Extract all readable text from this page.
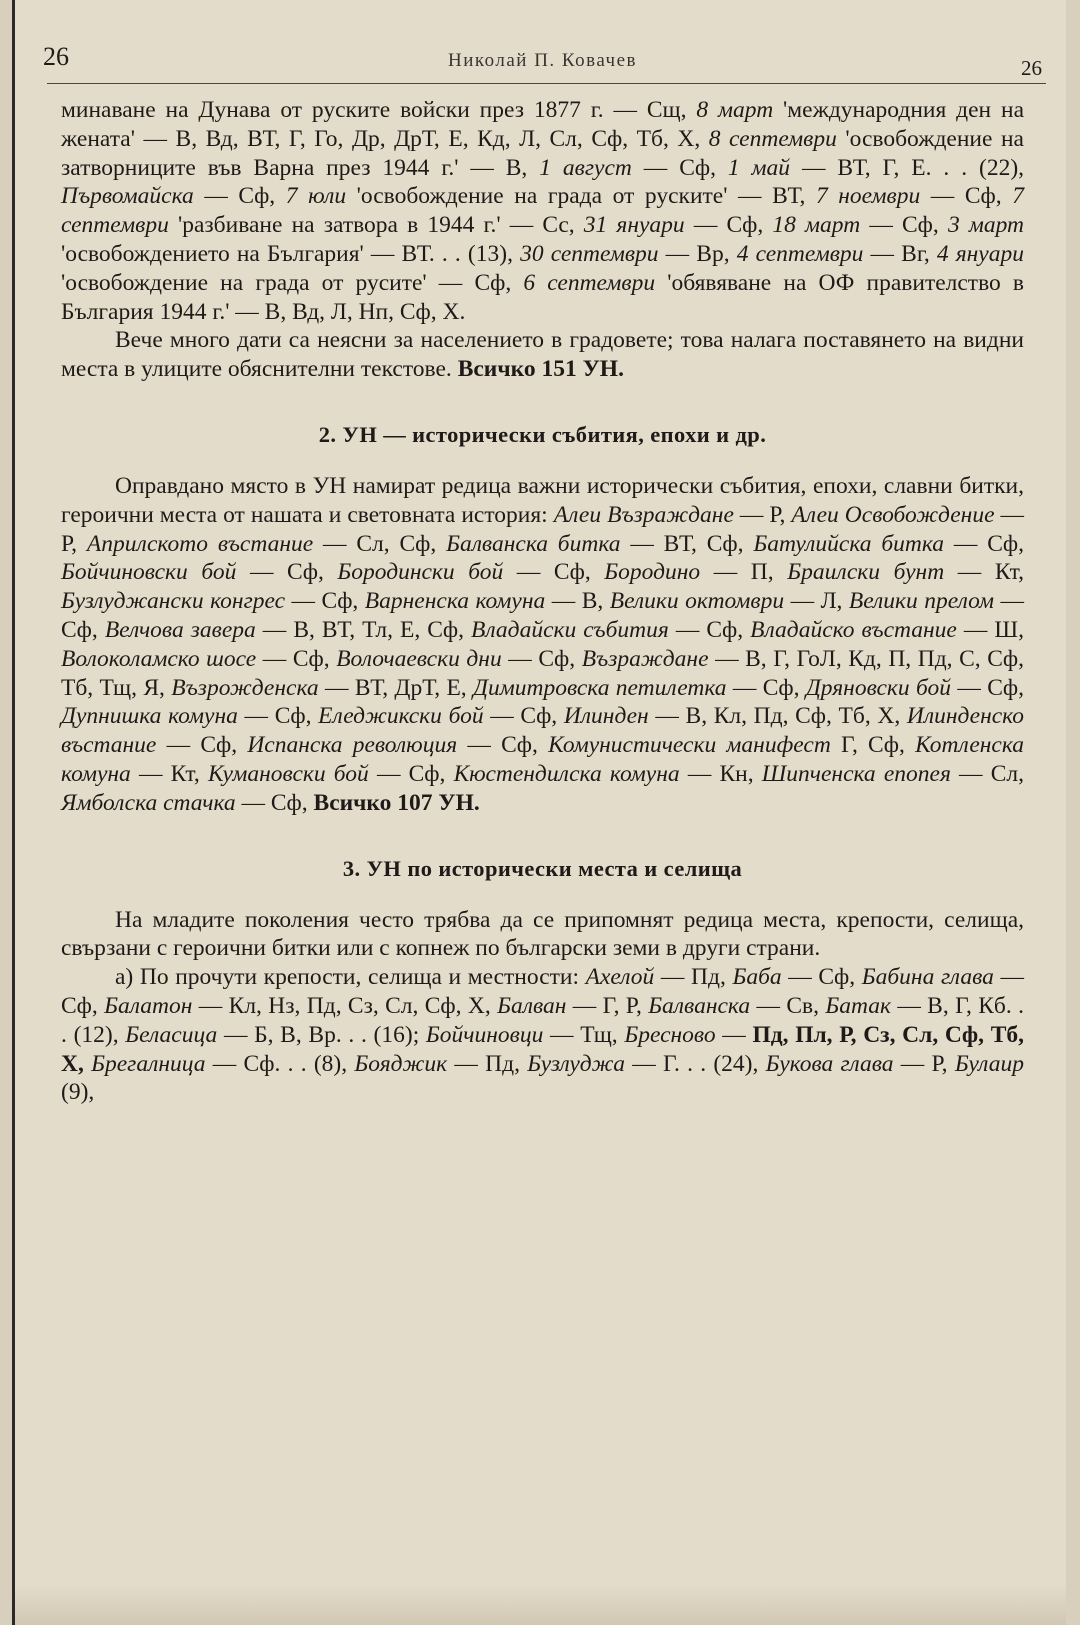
26	Николай П. Ковачев	26

минаване на Дунава от руските войски през 1877 г. — Сщ, 8 март 'международния ден на жената' — В, Вд, ВТ, Г, Го, Др, ДрТ, Е, Кд, Л, Сл, Сф, Тб, Х, 8 септември 'освобождение на затворниците във Варна през 1944 г.' — В, 1 август — Сф, 1 май — ВТ, Г, Е. . . (22), Първомайска — Сф, 7 юли 'освобождение на града от руските' — ВТ, 7 ноември — Сф, 7 септември 'разбиване на затвора в 1944 г.' — Сс, 31 януари — Сф, 18 март — Сф, 3 март 'освобождението на България' — ВТ. . . (13), 30 септември — Вр, 4 септември — Вг, 4 януари 'освобождение на града от русите' — Сф, 6 септември 'обявяване на ОФ правителство в България 1944 г.' — В, Вд, Л, Нп, Сф, Х.

Вече много дати са неясни за населението в градовете; това налага поставянето на видни места в улиците обяснителни текстове. Всичко 151 УН.

2. УН — исторически събития, епохи и др.

Оправдано място в УН намират редица важни исторически събития, епохи, славни битки, героични места от нашата и световната история: Алеи Възраждане — Р, Алеи Освобождение — Р, Априлското въстание — Сл, Сф, Балванска битка — ВТ, Сф, Батулийска битка — Сф, Бойчиновски бой — Сф, Бородински бой — Сф, Бородино — П, Браилски бунт — Кт, Бузлуджански конгрес — Сф, Варненска комуна — В, Велики октомври — Л, Велики прелом — Сф, Велчова завера — В, ВТ, Тл, Е, Сф, Владайски събития — Сф, Владайско въстание — Ш, Волоколамско шосе — Сф, Волочаевски дни — Сф, Възраждане — В, Г, ГоЛ, Кд, П, Пд, С, Сф, Тб, Тщ, Я, Възрожденска — ВТ, ДрТ, Е, Димитровска петилетка — Сф, Дряновски бой — Сф, Дупнишка комуна — Сф, Еледжикски бой — Сф, Илинден — В, Кл, Пд, Сф, Тб, Х, Илинденско въстание — Сф, Испанска революция — Сф, Комунистически манифест Г, Сф, Котленска комуна — Кт, Кумановски бой — Сф, Кюстендилска комуна — Кн, Шипченска епопея — Сл, Ямболска стачка — Сф, Всичко 107 УН.

3. УН по исторически места и селища

На младите поколения често трябва да се припомнят редица места, крепости, селища, свързани с героични битки или с копнеж по български земи в други страни.

а) По прочути крепости, селища и местности: Ахелой — Пд, Баба — Сф, Бабина глава — Сф, Балатон — Кл, Нз, Пд, Сз, Сл, Сф, Х, Балван — Г, Р, Балванска — Св, Батак — В, Г, Кб. . . (12), Беласица — Б, В, Вр. . . (16); Бойчиновци — Тщ, Бресново — Пд, Пл, Р, Сз, Сл, Сф, Тб, Х, Брегалница — Сф. . . (8), Бояджик — Пд, Бузлуджа — Г. . . (24), Букова глава — Р, Булаир (9),
